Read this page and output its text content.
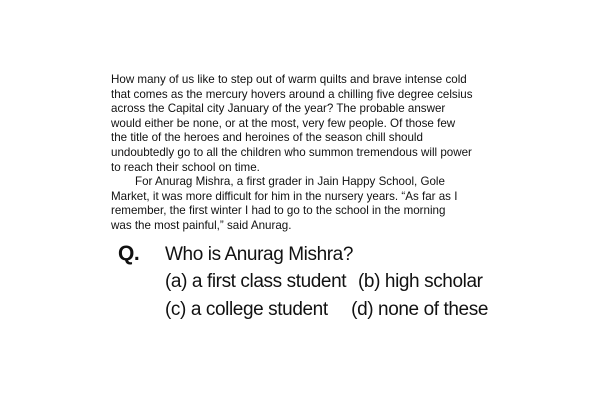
How many of us like to step out of warm quilts and brave intense cold
that comes as the mercury hovers around a chilling five degree celsius
across the Capital city January of the year? The probable answer
would either be none, or at the most, very few people. Of those few
the title of the heroes and heroines of the season chill should
undoubtedly go to all the children who summon tremendous will power
to reach their school on time.
For Anurag Mishra, a first grader in Jain Happy School, Gole
Market, it was more difficult for him in the nursery years. “As far as I
remember, the first winter I had to go to the school in the morning
was the most painful,” said Anurag.
Q.	Who is Anurag Mishra?
(a) a first class student (b) high scholar
(c) a college student	(d) none of these
